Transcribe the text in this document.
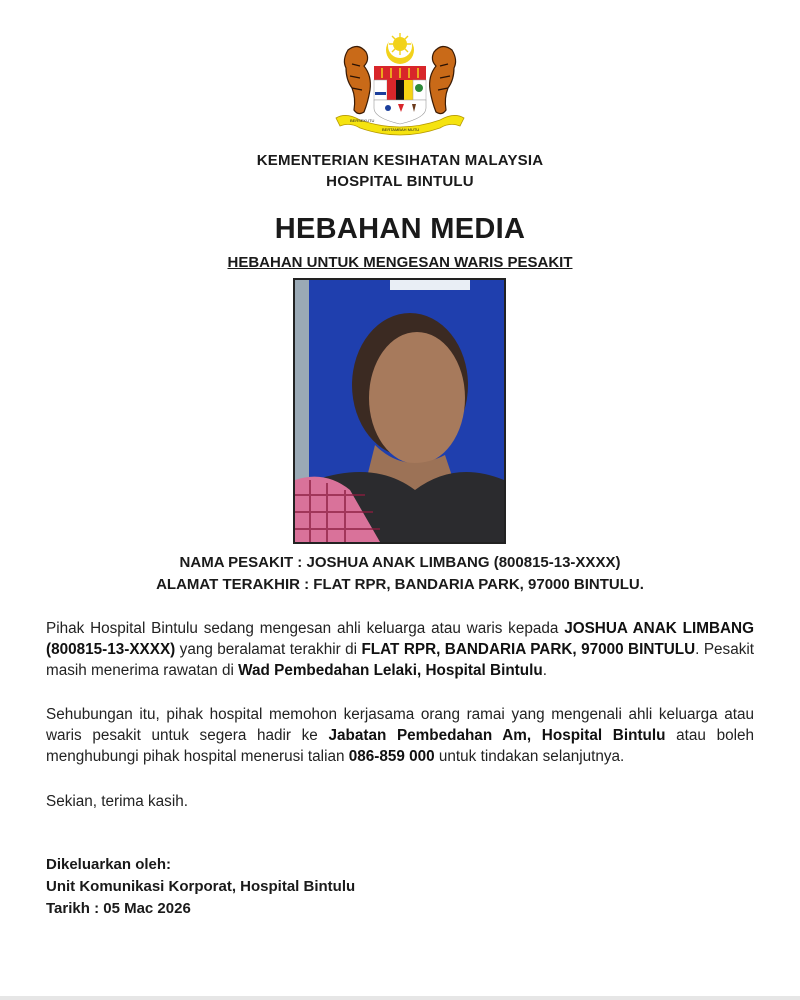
BERSEKUTU
BERTAMBAH MUTU
KEMENTERIAN KESIHATAN MALAYSIA
HOSPITAL BINTULU
HEBAHAN MEDIA
HEBAHAN UNTUK MENGESAN WARIS PESAKIT
NAMA PESAKIT : JOSHUA ANAK LIMBANG (800815-13-XXXX)
ALAMAT TERAKHIR : FLAT RPR, BANDARIA PARK, 97000 BINTULU.
Pihak Hospital Bintulu sedang mengesan ahli keluarga atau waris kepada JOSHUA ANAK LIMBANG (800815-13-XXXX) yang beralamat terakhir di FLAT RPR, BANDARIA PARK, 97000 BINTULU. Pesakit masih menerima rawatan di Wad Pembedahan Lelaki, Hospital Bintulu.
Sehubungan itu, pihak hospital memohon kerjasama orang ramai yang mengenali ahli keluarga atau waris pesakit untuk segera hadir ke Jabatan Pembedahan Am, Hospital Bintulu atau boleh menghubungi pihak hospital menerusi talian 086-859 000 untuk tindakan selanjutnya.
Sekian, terima kasih.
Dikeluarkan oleh:
Unit Komunikasi Korporat, Hospital Bintulu
Tarikh : 05 Mac 2026
